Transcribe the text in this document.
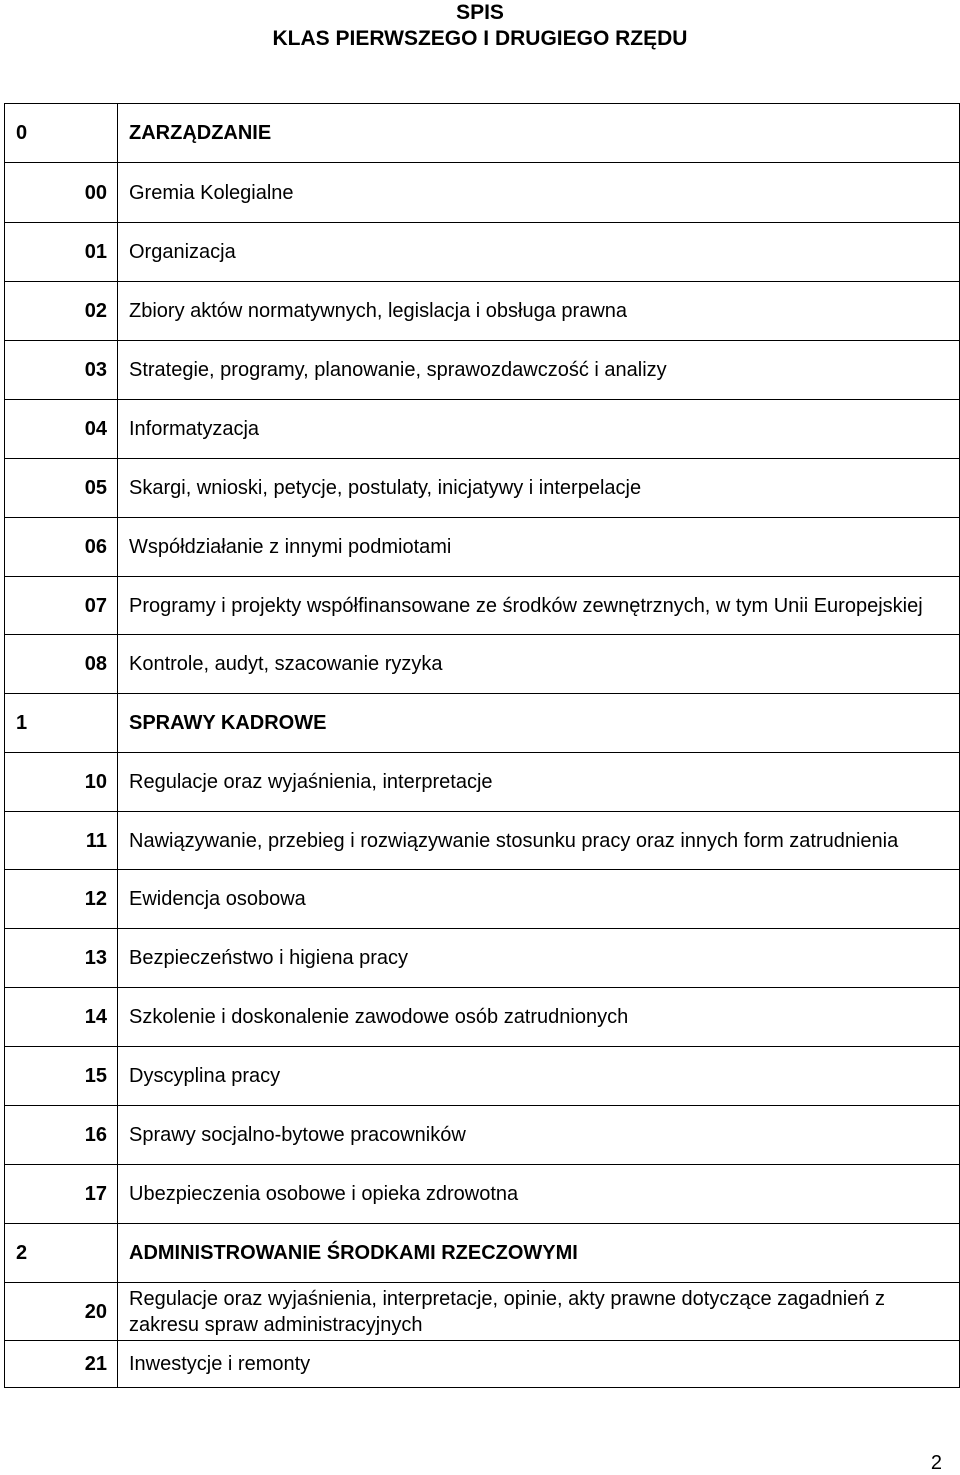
SPIS
KLAS PIERWSZEGO I DRUGIEGO RZĘDU
0	ZARZĄDZANIE
00	Gremia Kolegialne
01	Organizacja
02	Zbiory aktów normatywnych, legislacja i obsługa prawna
03	Strategie, programy, planowanie, sprawozdawczość i analizy
04	Informatyzacja
05	Skargi, wnioski, petycje, postulaty, inicjatywy i interpelacje
06	Współdziałanie z innymi podmiotami
07	Programy i projekty współfinansowane ze środków zewnętrznych, w tym Unii Europejskiej
08	Kontrole, audyt, szacowanie ryzyka
1	SPRAWY KADROWE
10	Regulacje oraz wyjaśnienia, interpretacje
11	Nawiązywanie, przebieg i rozwiązywanie stosunku pracy oraz innych form zatrudnienia
12	Ewidencja osobowa
13	Bezpieczeństwo i higiena pracy
14	Szkolenie i doskonalenie zawodowe osób zatrudnionych
15	Dyscyplina pracy
16	Sprawy socjalno-bytowe pracowników
17	Ubezpieczenia osobowe i opieka zdrowotna
2	ADMINISTROWANIE ŚRODKAMI RZECZOWYMI
20	Regulacje oraz wyjaśnienia, interpretacje, opinie, akty prawne dotyczące zagadnień z zakresu spraw administracyjnych
21	Inwestycje i remonty
2
